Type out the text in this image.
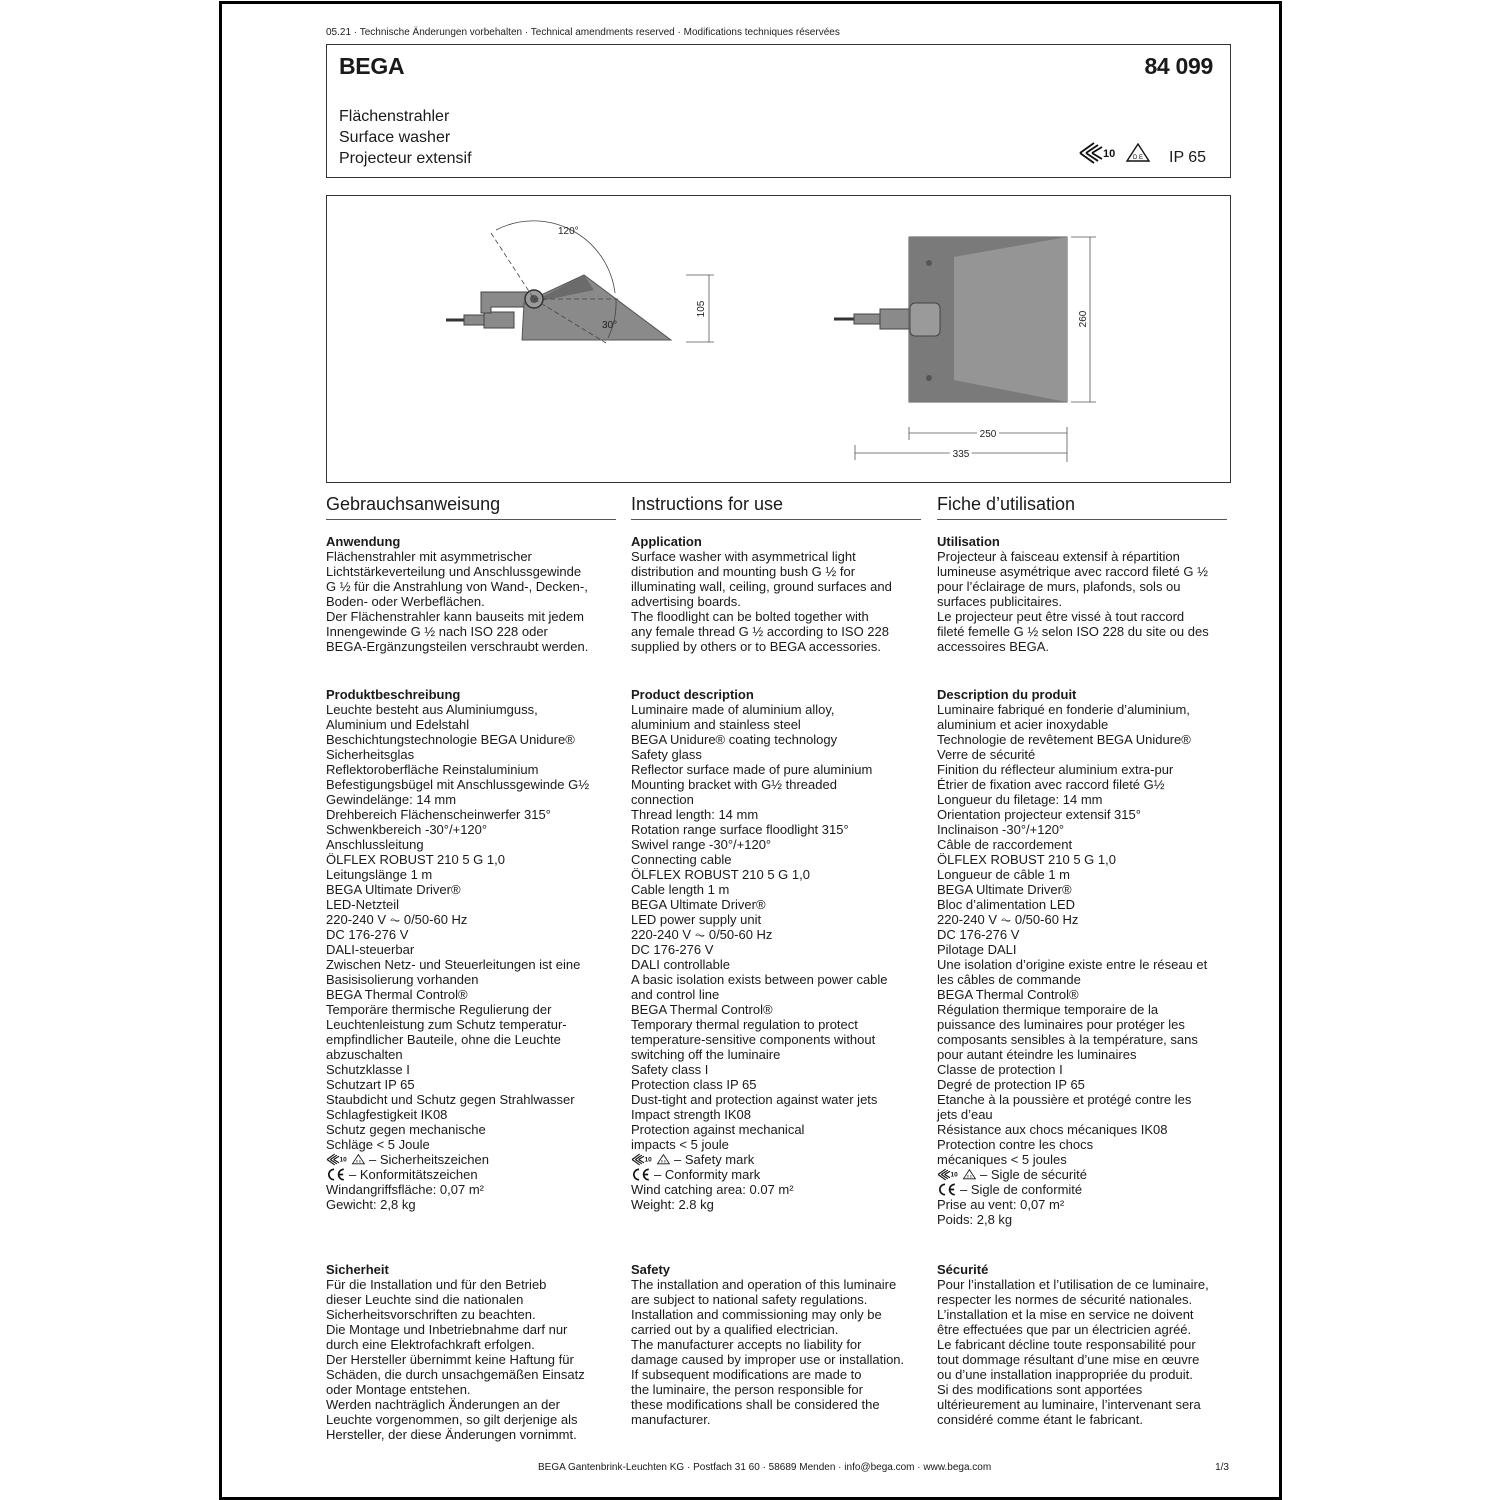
05.21 · Technische Änderungen vorbehalten · Technical amendments reserved · Modifications techniques réservées
BEGA	84 099
Flächenstrahler
Surface washer
Projecteur extensif	10	D E IP 65
120°
30°
105
260
250
335
Gebrauchsanweisung	Instructions for use	Fiche d’utilisation
Anwendung
Flächenstrahler mit asymmetrischer
Lichtstärkeverteilung und Anschlussgewinde
G ½ für die Anstrahlung von Wand-, Decken-,
Boden- oder Werbeflächen.
Der Flächenstrahler kann bauseits mit jedem
Innengewinde G ½ nach ISO 228 oder
BEGA-Ergänzungsteilen verschraubt werden.
Application
Surface washer with asymmetrical light
distribution and mounting bush G ½ for
illuminating wall, ceiling, ground surfaces and
advertising boards.
The floodlight can be bolted together with
any female thread G ½ according to ISO 228
supplied by others or to BEGA accessories.
Utilisation
Projecteur à faisceau extensif à répartition
lumineuse asymétrique avec raccord fileté G ½
pour l’éclairage de murs, plafonds, sols ou
surfaces publicitaires.
Le projecteur peut être vissé à tout raccord
fileté femelle G ½ selon ISO 228 du site ou des
accessoires BEGA.
Produktbeschreibung
Leuchte besteht aus Aluminiumguss,
Aluminium und Edelstahl
Beschichtungstechnologie BEGA Unidure®
Sicherheitsglas
Reflektoroberfläche Reinstaluminium
Befestigungsbügel mit Anschlussgewinde G½
Gewindelänge: 14 mm
Drehbereich Flächenscheinwerfer 315°
Schwenkbereich -30°/+120°
Anschlussleitung
ÖLFLEX ROBUST 210 5 G 1,0
Leitungslänge 1 m
BEGA Ultimate Driver®
LED-Netzteil
220-240 V ⏦ 0/50-60 Hz
DC 176-276 V
DALI-steuerbar
Zwischen Netz- und Steuerleitungen ist eine
Basisisolierung vorhanden
BEGA Thermal Control®
Temporäre thermische Regulierung der
Leuchtenleistung zum Schutz temperatur-
empfindlicher Bauteile, ohne die Leuchte
abzuschalten
Schutzklasse I
Schutzart IP 65
Staubdicht und Schutz gegen Strahlwasser
Schlagfestigkeit IK08
Schutz gegen mechanische
Schläge < 5 Joule
10 D E – Sicherheitszeichen
– Konformitätszeichen
Windangriffsfläche: 0,07 m²
Gewicht: 2,8 kg
Product description
Luminaire made of aluminium alloy,
aluminium and stainless steel
BEGA Unidure® coating technology
Safety glass
Reflector surface made of pure aluminium
Mounting bracket with G½ threaded
connection
Thread length: 14 mm
Rotation range surface floodlight 315°
Swivel range -30°/+120°
Connecting cable
ÖLFLEX ROBUST 210 5 G 1,0
Cable length 1 m
BEGA Ultimate Driver®
LED power supply unit
220-240 V ⏦ 0/50-60 Hz
DC 176-276 V
DALI controllable
A basic isolation exists between power cable
and control line
BEGA Thermal Control®
Temporary thermal regulation to protect
temperature-sensitive components without
switching off the luminaire
Safety class I
Protection class IP 65
Dust-tight and protection against water jets
Impact strength IK08
Protection against mechanical
impacts < 5 joule
10 D E – Safety mark
– Conformity mark
Wind catching area: 0.07 m²
Weight: 2.8 kg
Description du produit
Luminaire fabriqué en fonderie d’aluminium,
aluminium et acier inoxydable
Technologie de revêtement BEGA Unidure®
Verre de sécurité
Finition du réflecteur aluminium extra-pur
Étrier de fixation avec raccord fileté G½
Longueur du filetage: 14 mm
Orientation projecteur extensif 315°
Inclinaison -30°/+120°
Câble de raccordement
ÖLFLEX ROBUST 210 5 G 1,0
Longueur de câble 1 m
BEGA Ultimate Driver®
Bloc d’alimentation LED
220-240 V ⏦ 0/50-60 Hz
DC 176-276 V
Pilotage DALI
Une isolation d’origine existe entre le réseau et
les câbles de commande
BEGA Thermal Control®
Régulation thermique temporaire de la
puissance des luminaires pour protéger les
composants sensibles à la température, sans
pour autant éteindre les luminaires
Classe de protection I
Degré de protection IP 65
Etanche à la poussière et protégé contre les
jets d’eau
Résistance aux chocs mécaniques IK08
Protection contre les chocs
mécaniques < 5 joules
10 D E – Sigle de sécurité
– Sigle de conformité
Prise au vent: 0,07 m²
Poids: 2,8 kg
Sicherheit
Für die Installation und für den Betrieb
dieser Leuchte sind die nationalen
Sicherheitsvorschriften zu beachten.
Die Montage und Inbetriebnahme darf nur
durch eine Elektrofachkraft erfolgen.
Der Hersteller übernimmt keine Haftung für
Schäden, die durch unsachgemäßen Einsatz
oder Montage entstehen.
Werden nachträglich Änderungen an der
Leuchte vorgenommen, so gilt derjenige als
Hersteller, der diese Änderungen vornimmt.
Safety
The installation and operation of this luminaire
are subject to national safety regulations.
Installation and commissioning may only be
carried out by a qualified electrician.
The manufacturer accepts no liability for
damage caused by improper use or installation.
If subsequent modifications are made to
the luminaire, the person responsible for
these modifications shall be considered the
manufacturer.
Sécurité
Pour l’installation et l’utilisation de ce luminaire,
respecter les normes de sécurité nationales.
L’installation et la mise en service ne doivent
être effectuées que par un électricien agréé.
Le fabricant décline toute responsabilité pour
tout dommage résultant d’une mise en œuvre
ou d’une installation inappropriée du produit.
Si des modifications sont apportées
ultérieurement au luminaire, l’intervenant sera
considéré comme étant le fabricant.
BEGA Gantenbrink-Leuchten KG · Postfach 31 60 · 58689 Menden · info@bega.com · www.bega.com	1/3
